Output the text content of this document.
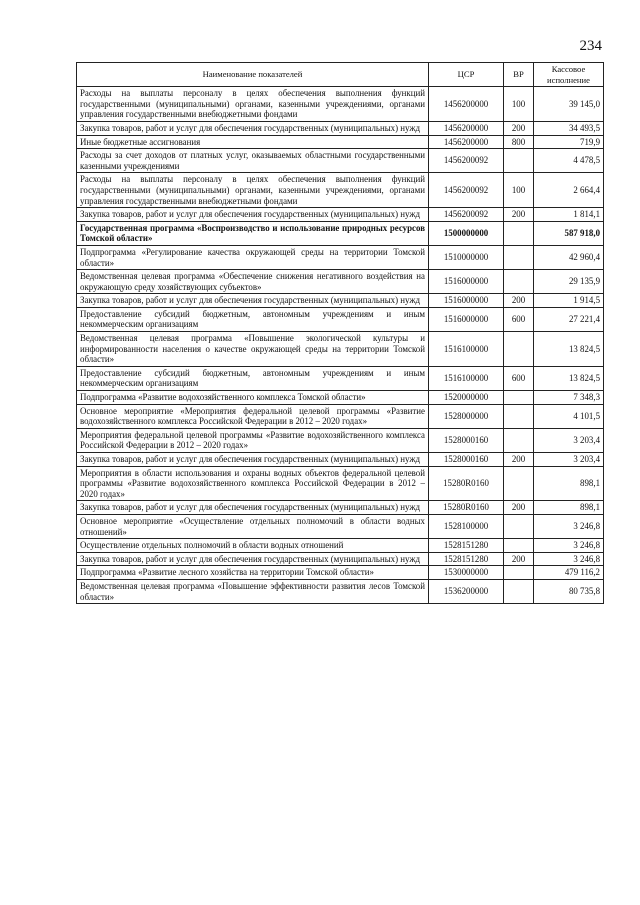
234
Наименование показателей	ЦСР	ВР	Кассовое исполнение
Расходы на выплаты персоналу в целях обеспечения выполнения функций государственными (муниципальными) органами, казенными учреждениями, органами управления государственными внебюджетными фондами	1456200000	100	39 145,0
Закупка товаров, работ и услуг для обеспечения государственных (муниципальных) нужд	1456200000	200	34 493,5
Иные бюджетные ассигнования	1456200000	800	719,9
Расходы за счет доходов от платных услуг, оказываемых областными государственными казенными учреждениями	1456200092		4 478,5
Расходы на выплаты персоналу в целях обеспечения выполнения функций государственными (муниципальными) органами, казенными учреждениями, органами управления государственными внебюджетными фондами	1456200092	100	2 664,4
Закупка товаров, работ и услуг для обеспечения государственных (муниципальных) нужд	1456200092	200	1 814,1
Государственная программа «Воспроизводство и использование природных ресурсов Томской области»	1500000000		587 918,0
Подпрограмма «Регулирование качества окружающей среды на территории Томской области»	1510000000		42 960,4
Ведомственная целевая программа «Обеспечение снижения негативного воздействия на окружающую среду хозяйствующих субъектов»	1516000000		29 135,9
Закупка товаров, работ и услуг для обеспечения государственных (муниципальных) нужд	1516000000	200	1 914,5
Предоставление субсидий бюджетным, автономным учреждениям и иным некоммерческим организациям	1516000000	600	27 221,4
Ведомственная целевая программа «Повышение экологической культуры и информированности населения о качестве окружающей среды на территории Томской области»	1516100000		13 824,5
Предоставление субсидий бюджетным, автономным учреждениям и иным некоммерческим организациям	1516100000	600	13 824,5
Подпрограмма «Развитие водохозяйственного комплекса Томской области»	1520000000		7 348,3
Основное мероприятие «Мероприятия федеральной целевой программы «Развитие водохозяйственного комплекса Российской Федерации в 2012 – 2020 годах»	1528000000		4 101,5
Мероприятия федеральной целевой программы «Развитие водохозяйственного комплекса Российской Федерации в 2012 – 2020 годах»	1528000160		3 203,4
Закупка товаров, работ и услуг для обеспечения государственных (муниципальных) нужд	1528000160	200	3 203,4
Мероприятия в области использования и охраны водных объектов федеральной целевой программы «Развитие водохозяйственного комплекса Российской Федерации в 2012 – 2020 годах»	15280R0160		898,1
Закупка товаров, работ и услуг для обеспечения государственных (муниципальных) нужд	15280R0160	200	898,1
Основное мероприятие «Осуществление отдельных полномочий в области водных отношений»	1528100000		3 246,8
Осуществление отдельных полномочий в области водных отношений	1528151280		3 246,8
Закупка товаров, работ и услуг для обеспечения государственных (муниципальных) нужд	1528151280	200	3 246,8
Подпрограмма «Развитие лесного хозяйства на территории Томской области»	1530000000		479 116,2
Ведомственная целевая программа «Повышение эффективности развития лесов Томской области»	1536200000		80 735,8
